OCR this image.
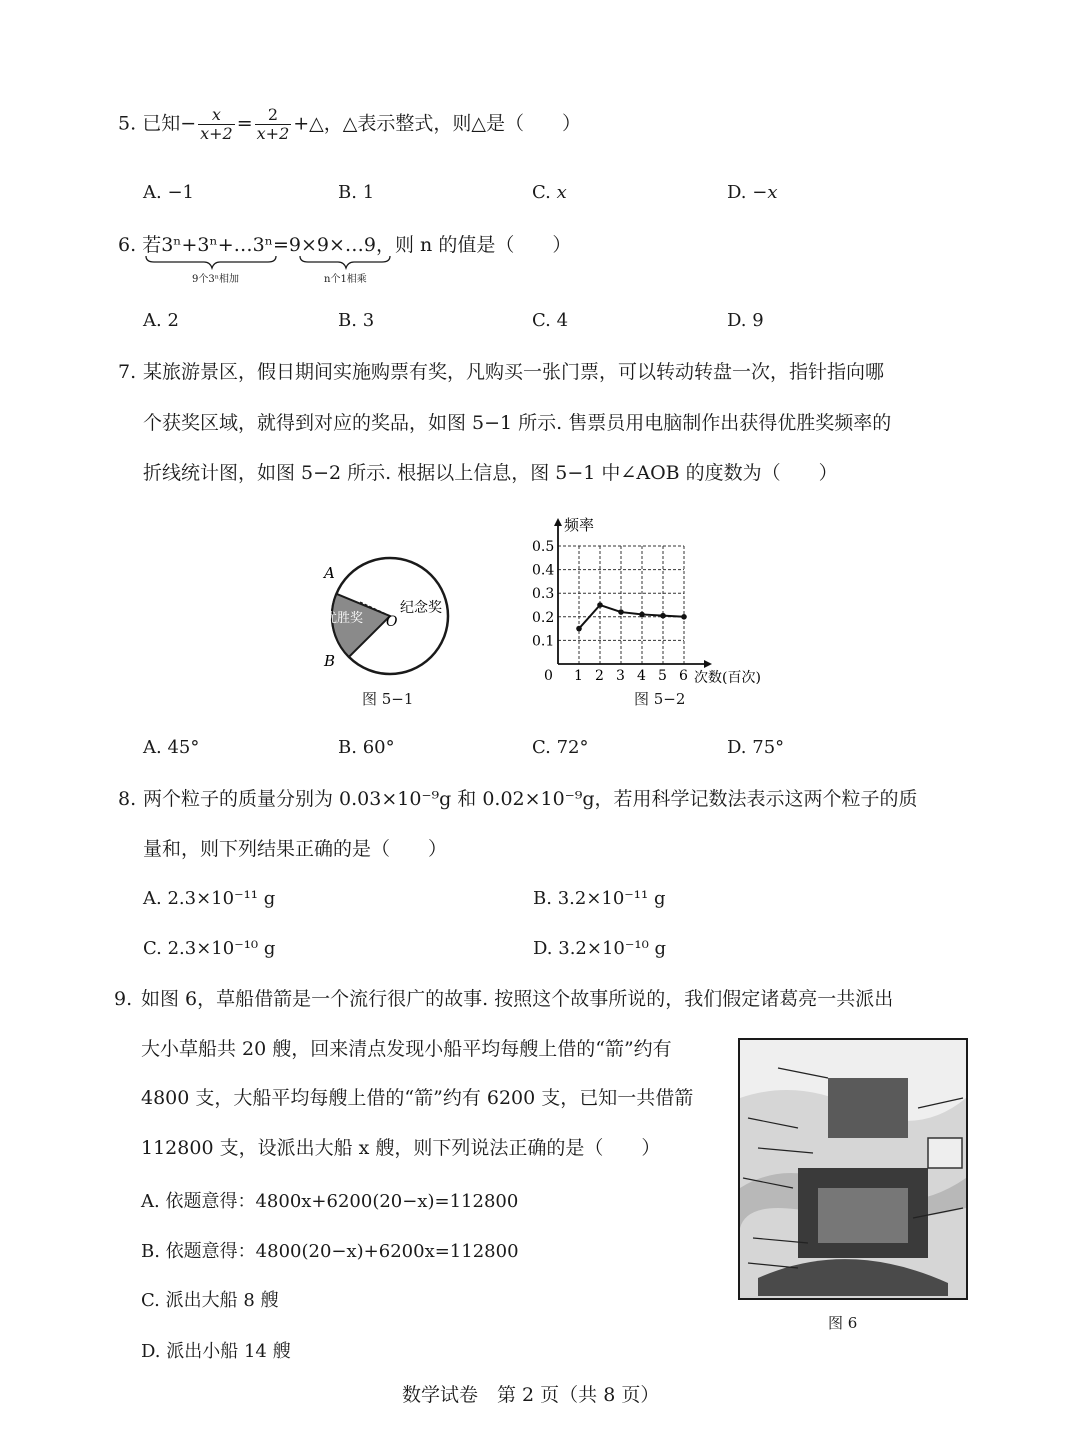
5. 已知− $\frac{x}{x+2} = \frac{2}{x+2}$ +△，△表示整式，则△是（　　）
A. −1	B. 1	C. x	D. −x
6. 若3ⁿ+3ⁿ+…3ⁿ=9×9×…9，则 n 的值是（　　）
9个3ⁿ相加	n个1相乘
A. 2	B. 3	C. 4	D. 9
7. 某旅游景区，假日期间实施购票有奖，凡购买一张门票，可以转动转盘一次，指针指向哪
个获奖区域，就得到对应的奖品，如图 5−1 所示. 售票员用电脑制作出获得优胜奖频率的
折线统计图，如图 5−2 所示. 根据以上信息，图 5−1 中∠AOB 的度数为（　　）
A
B
O
优胜奖
纪念奖
图 5−1
0 1 2 3 4 5 6
0.1
0.2
0.3
0.4
0.5
频率
次数(百次)
图 5−2
A. 45°	B. 60°	C. 72°	D. 75°
8. 两个粒子的质量分别为 0.03×10⁻⁹g 和 0.02×10⁻⁹g，若用科学记数法表示这两个粒子的质
量和，则下列结果正确的是（　　）
A. 2.3×10⁻¹¹ g	B. 3.2×10⁻¹¹ g
C. 2.3×10⁻¹⁰ g	D. 3.2×10⁻¹⁰ g
9. 如图 6，草船借箭是一个流行很广的故事. 按照这个故事所说的，我们假定诸葛亮一共派出
大小草船共 20 艘，回来清点发现小船平均每艘上借的“箭”约有
4800 支，大船平均每艘上借的“箭”约有 6200 支，已知一共借箭
112800 支，设派出大船 x 艘，则下列说法正确的是（　　）
A. 依题意得：4800x+6200(20−x)=112800
B. 依题意得：4800(20−x)+6200x=112800
C. 派出大船 8 艘
D. 派出小船 14 艘
图 6
数学试卷　第 2 页（共 8 页）
